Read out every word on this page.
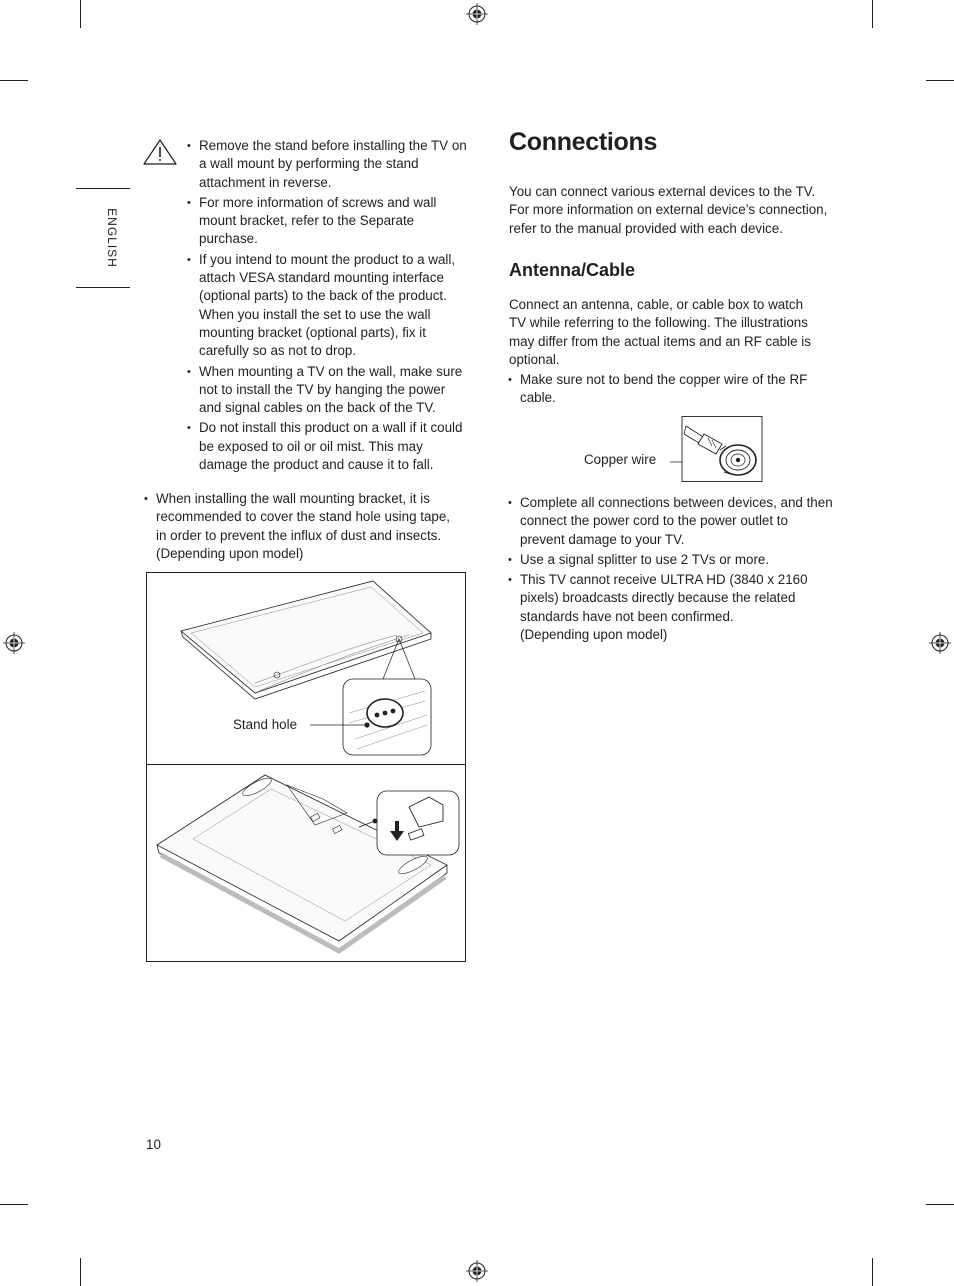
ENGLISH
• Remove the stand before installing the TV on a wall mount by performing the stand attachment in reverse.
• For more information of screws and wall mount bracket, refer to the Separate purchase.
• If you intend to mount the product to a wall, attach VESA standard mounting interface (optional parts) to the back of the product. When you install the set to use the wall mounting bracket (optional parts), fix it carefully so as not to drop.
• When mounting a TV on the wall, make sure not to install the TV by hanging the power and signal cables on the back of the TV.
• Do not install this product on a wall if it could be exposed to oil or oil mist. This may damage the product and cause it to fall.
• When installing the wall mounting bracket, it is recommended to cover the stand hole using tape, in order to prevent the influx of dust and insects.
(Depending upon model)
Stand hole
Connections
You can connect various external devices to the TV. For more information on external device’s connection, refer to the manual provided with each device.
Antenna/Cable
Connect an antenna, cable, or cable box to watch TV while referring to the following. The illustrations may differ from the actual items and an RF cable is optional.
• Make sure not to bend the copper wire of the RF cable.
Copper wire
• Complete all connections between devices, and then connect the power cord to the power outlet to prevent damage to your TV.
• Use a signal splitter to use 2 TVs or more.
• This TV cannot receive ULTRA HD (3840 x 2160 pixels) broadcasts directly because the related standards have not been confirmed.
(Depending upon model)
10
